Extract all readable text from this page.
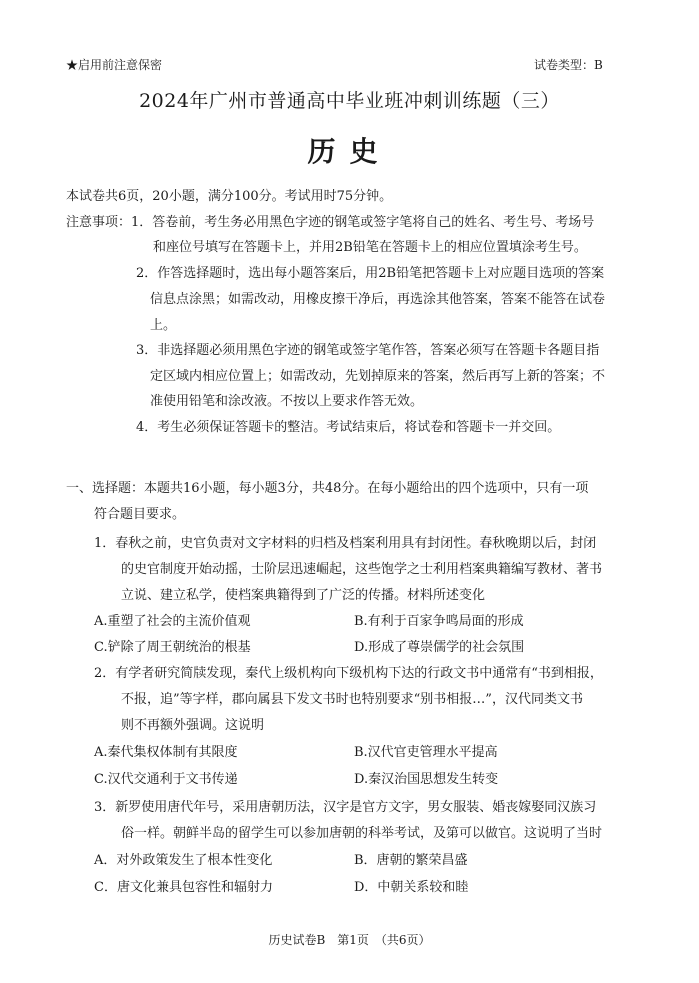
★启用前注意保密	试卷类型：B
2024年广州市普通高中毕业班冲刺训练题（三）
历史
本试卷共6页，20小题，满分100分。考试用时75分钟。
注意事项：1．答卷前，考生务必用黑色字迹的钢笔或签字笔将自己的姓名、考生号、考场号
和座位号填写在答题卡上，并用2B铅笔在答题卡上的相应位置填涂考生号。
2．作答选择题时，选出每小题答案后，用2B铅笔把答题卡上对应题目选项的答案
信息点涂黑；如需改动，用橡皮擦干净后，再选涂其他答案，答案不能答在试卷
上。
3．非选择题必须用黑色字迹的钢笔或签字笔作答，答案必须写在答题卡各题目指
定区域内相应位置上；如需改动，先划掉原来的答案，然后再写上新的答案；不
准使用铅笔和涂改液。不按以上要求作答无效。
4．考生必须保证答题卡的整洁。考试结束后，将试卷和答题卡一并交回。
一、选择题：本题共16小题，每小题3分，共48分。在每小题给出的四个选项中，只有一项
符合题目要求。
1．春秋之前，史官负责对文字材料的归档及档案利用具有封闭性。春秋晚期以后，封闭
的史官制度开始动摇，士阶层迅速崛起，这些饱学之士利用档案典籍编写教材、著书
立说、建立私学，使档案典籍得到了广泛的传播。材料所述变化
A.重塑了社会的主流价值观	B.有利于百家争鸣局面的形成
C.铲除了周王朝统治的根基	D.形成了尊崇儒学的社会氛围
2．有学者研究简牍发现，秦代上级机构向下级机构下达的行政文书中通常有“书到相报，
不报，追”等字样，郡向属县下发文书时也特别要求“别书相报…”，汉代同类文书
则不再额外强调。这说明
A.秦代集权体制有其限度	B.汉代官吏管理水平提高
C.汉代交通利于文书传递	D.秦汉治国思想发生转变
3．新罗使用唐代年号，采用唐朝历法，汉字是官方文字，男女服装、婚丧嫁娶同汉族习
俗一样。朝鲜半岛的留学生可以参加唐朝的科举考试，及第可以做官。这说明了当时
A．对外政策发生了根本性变化	B．唐朝的繁荣昌盛
C．唐文化兼具包容性和辐射力	D．中朝关系较和睦
历史试卷B　第1页　（共6页）
